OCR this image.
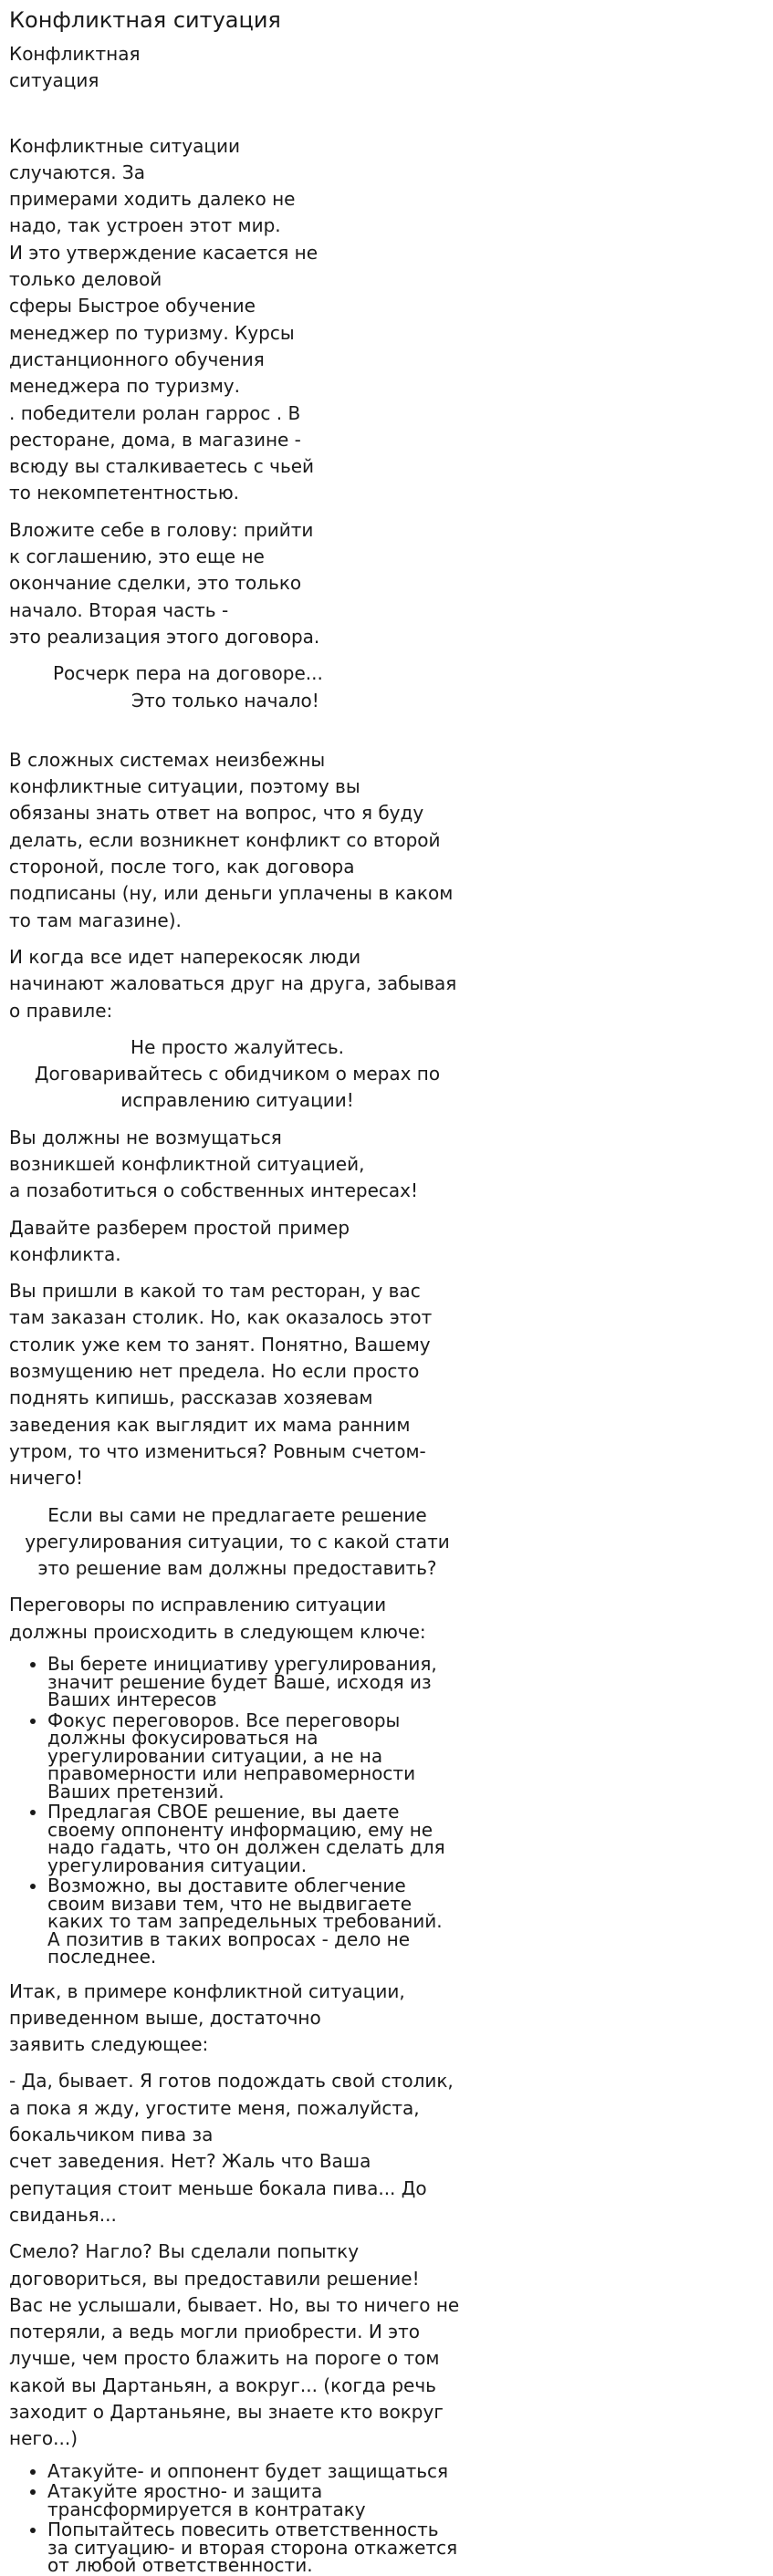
Конфликтная ситуация
Конфликтная
ситуация
Конфликтные ситуации
случаются. За
примерами ходить далеко не
надо, так устроен этот мир.
И это утверждение касается не
только деловой
сферы Быстрое обучение
менеджер по туризму. Курсы
дистанционного обучения
менеджера по туризму.
. победители ролан гаррос . В
ресторане, дома, в магазине -
всюду вы сталкиваетесь с чьей
то некомпетентностью.
Вложите себе в голову: прийти
к соглашению, это еще не
окончание сделки, это только
начало. Вторая часть -
это реализация этого договора.
Росчерк пера на договоре...
Это только начало!
В сложных системах неизбежны
конфликтные ситуации, поэтому вы
обязаны знать ответ на вопрос, что я буду
делать, если возникнет конфликт со второй
стороной, после того, как договора
подписаны (ну, или деньги уплачены в каком
то там магазине).
И когда все идет наперекосяк люди
начинают жаловаться друг на друга, забывая
о правиле:
Не просто жалуйтесь.
Договаривайтесь с обидчиком о мерах по
исправлению ситуации!
Вы должны не возмущаться
возникшей конфликтной ситуацией,
а позаботиться о собственных интересах!
Давайте разберем простой пример
конфликта.
Вы пришли в какой то там ресторан, у вас
там заказан столик. Но, как оказалось этот
столик уже кем то занят. Понятно, Вашему
возмущению нет предела. Но если просто
поднять кипишь, рассказав хозяевам
заведения как выглядит их мама ранним
утром, то что измениться? Ровным счетом-
ничего!
Если вы сами не предлагаете решение
урегулирования ситуации, то с какой стати
это решение вам должны предоставить?
Переговоры по исправлению ситуации
должны происходить в следующем ключе:
• Вы берете инициативу урегулирования,
значит решение будет Ваше, исходя из
Ваших интересов
• Фокус переговоров. Все переговоры
должны фокусироваться на
урегулировании ситуации, а не на
правомерности или неправомерности
Ваших претензий.
• Предлагая СВОЕ решение, вы даете
своему оппоненту информацию, ему не
надо гадать, что он должен сделать для
урегулирования ситуации.
• Возможно, вы доставите облегчение
своим визави тем, что не выдвигаете
каких то там запредельных требований.
А позитив в таких вопросах - дело не
последнее.
Итак, в примере конфликтной ситуации,
приведенном выше, достаточно
заявить следующее:
- Да, бывает. Я готов подождать свой столик,
а пока я жду, угостите меня, пожалуйста,
бокальчиком пива за
счет заведения. Нет? Жаль что Ваша
репутация стоит меньше бокала пива... До
свиданья...
Смело? Нагло? Вы сделали попытку
договориться, вы предоставили решение!
Вас не услышали, бывает. Но, вы то ничего не
потеряли, а ведь могли приобрести. И это
лучше, чем просто блажить на пороге о том
какой вы Дартаньян, а вокруг... (когда речь
заходит о Дартаньяне, вы знаете кто вокруг
него...)
• Атакуйте- и оппонент будет защищаться
• Атакуйте яростно- и защита
трансформируется в контратаку
• Попытайтесь повесить ответственность
за ситуацию- и вторая сторона откажется
от любой ответственности.
